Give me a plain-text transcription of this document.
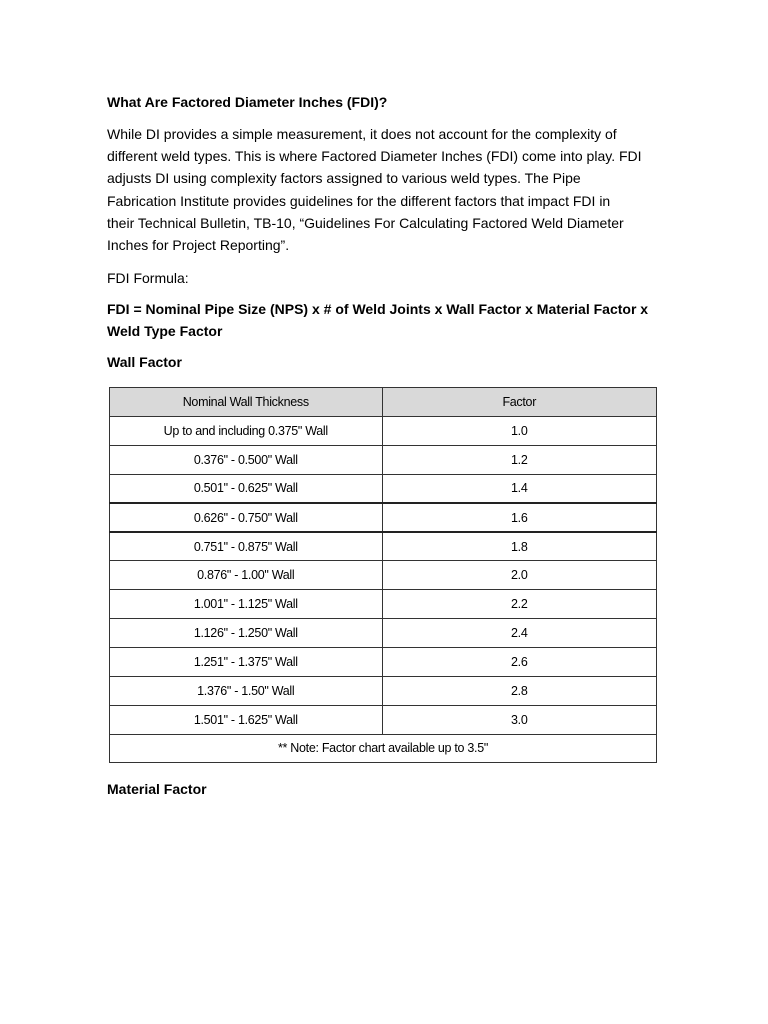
What Are Factored Diameter Inches (FDI)?
While DI provides a simple measurement, it does not account for the complexity of
different weld types. This is where Factored Diameter Inches (FDI) come into play. FDI
adjusts DI using complexity factors assigned to various weld types. The Pipe
Fabrication Institute provides guidelines for the different factors that impact FDI in
their Technical Bulletin, TB-10, “Guidelines For Calculating Factored Weld Diameter
Inches for Project Reporting”.
FDI Formula:
FDI = Nominal Pipe Size (NPS) x # of Weld Joints x Wall Factor x Material Factor x
Weld Type Factor
Wall Factor
Nominal Wall Thickness	Factor
Up to and including 0.375" Wall	1.0
0.376" - 0.500" Wall	1.2
0.501" - 0.625" Wall	1.4
0.626" - 0.750" Wall	1.6
0.751" - 0.875" Wall	1.8
0.876" - 1.00" Wall	2.0
1.001" - 1.125" Wall	2.2
1.126" - 1.250" Wall	2.4
1.251" - 1.375" Wall	2.6
1.376" - 1.50" Wall	2.8
1.501" - 1.625" Wall	3.0
** Note: Factor chart available up to 3.5"	
Material Factor
